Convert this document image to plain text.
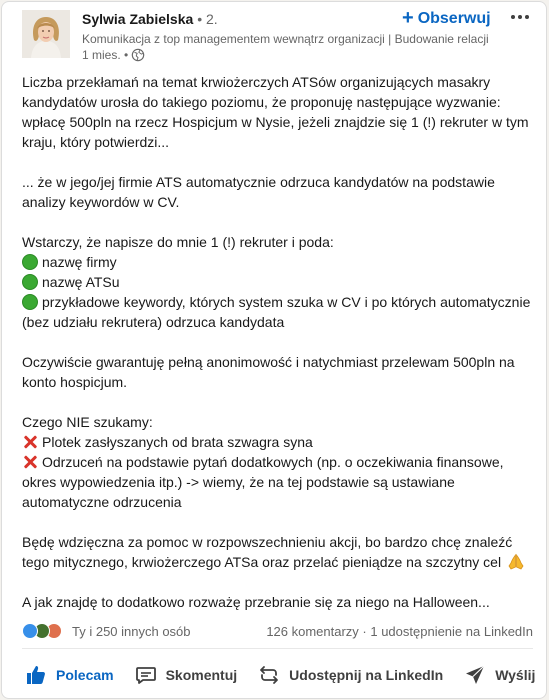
Sylwia Zabielska • 2.
Komunikacja z top managementem wewnątrz organizacji | Budowanie relacji
1 mies. •
+ Obserwuj

Liczba przekłamań na temat krwiożerczych ATSów organizujących masakry kandydatów urosła do takiego poziomu, że proponuję następujące wyzwanie: wpłacę 500pln na rzecz Hospicjum w Nysie, jeżeli znajdzie się 1 (!) rekruter w tym kraju, który potwierdzi...

... że w jego/jej firmie ATS automatycznie odrzuca kandydatów na podstawie analizy keywordów w CV.

Wstarczy, że napisze do mnie 1 (!) rekruter i poda:

nazwę firmy

nazwę ATSu

przykładowe keywordy, których system szuka w CV i po których automatycznie (bez udziału rekrutera) odrzuca kandydata

Oczywiście gwarantuję pełną anonimowość i natychmiast przelewam 500pln na konto hospicjum.

Czego NIE szukamy:

Plotek zasłyszanych od brata szwagra syna

Odrzuceń na podstawie pytań dodatkowych (np. o oczekiwania finansowe, okres wypowiedzenia itp.) -> wiemy, że na tej podstawie są ustawiane automatyczne odrzucenia

Będę wdzięczna za pomoc w rozpowszechnieniu akcji, bo bardzo chcę znaleźć tego mitycznego, krwiożerczego ATSa oraz przelać pieniądze na szczytny cel

A jak znajdę to dodatkowo rozważę przebranie się za niego na Halloween...

Ty i 250 innych osób	126 komentarzy · 1 udostępnienie na LinkedIn
Polecam	Skomentuj	Udostępnij na LinkedIn	Wyślij
